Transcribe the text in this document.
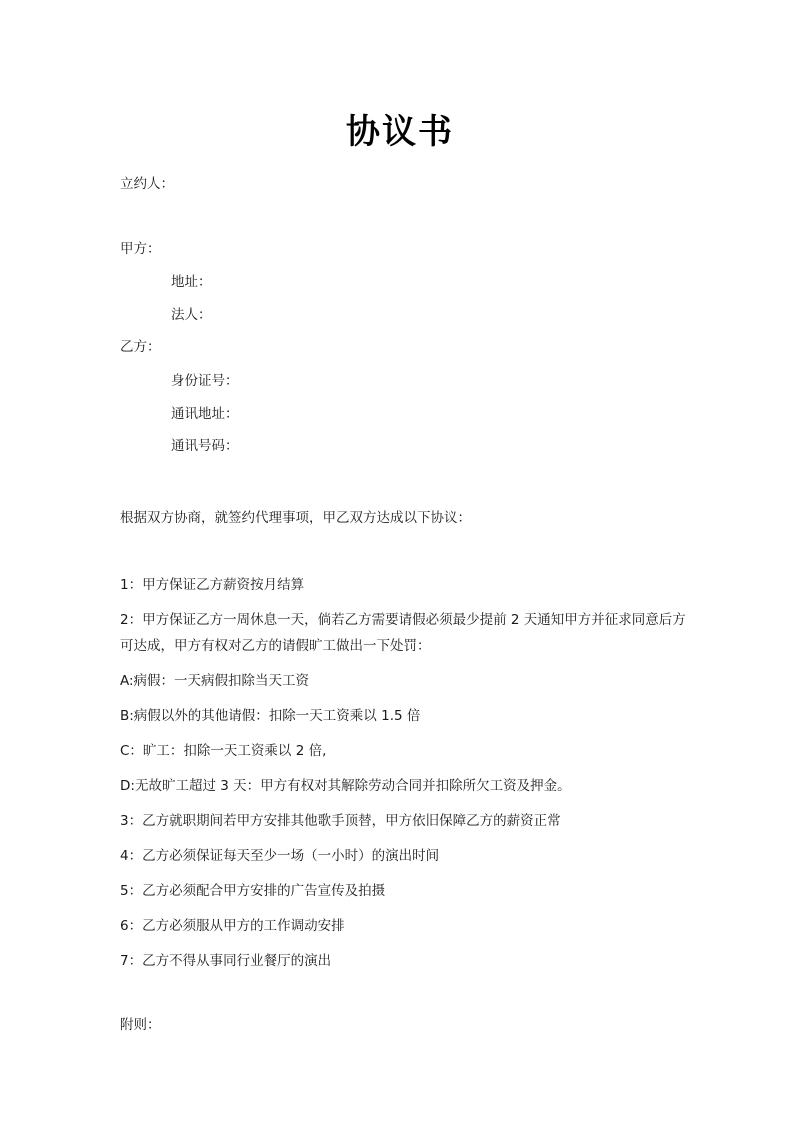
协议书
立约人：
甲方：
地址：
法人：
乙方：
身份证号：
通讯地址：
通讯号码：
根据双方协商，就签约代理事项，甲乙双方达成以下协议：
1：甲方保证乙方薪资按月结算
2：甲方保证乙方一周休息一天，倘若乙方需要请假必须最少提前 2 天通知甲方并征求同意后方可达成，甲方有权对乙方的请假旷工做出一下处罚：
A:病假：一天病假扣除当天工资
B:病假以外的其他请假：扣除一天工资乘以 1.5 倍
C：旷工：扣除一天工资乘以 2 倍,
D:无故旷工超过 3 天：甲方有权对其解除劳动合同并扣除所欠工资及押金。
3：乙方就职期间若甲方安排其他歌手顶替，甲方依旧保障乙方的薪资正常
4：乙方必须保证每天至少一场（一小时）的演出时间
5：乙方必须配合甲方安排的广告宣传及拍摄
6：乙方必须服从甲方的工作调动安排
7：乙方不得从事同行业餐厅的演出
附则：
